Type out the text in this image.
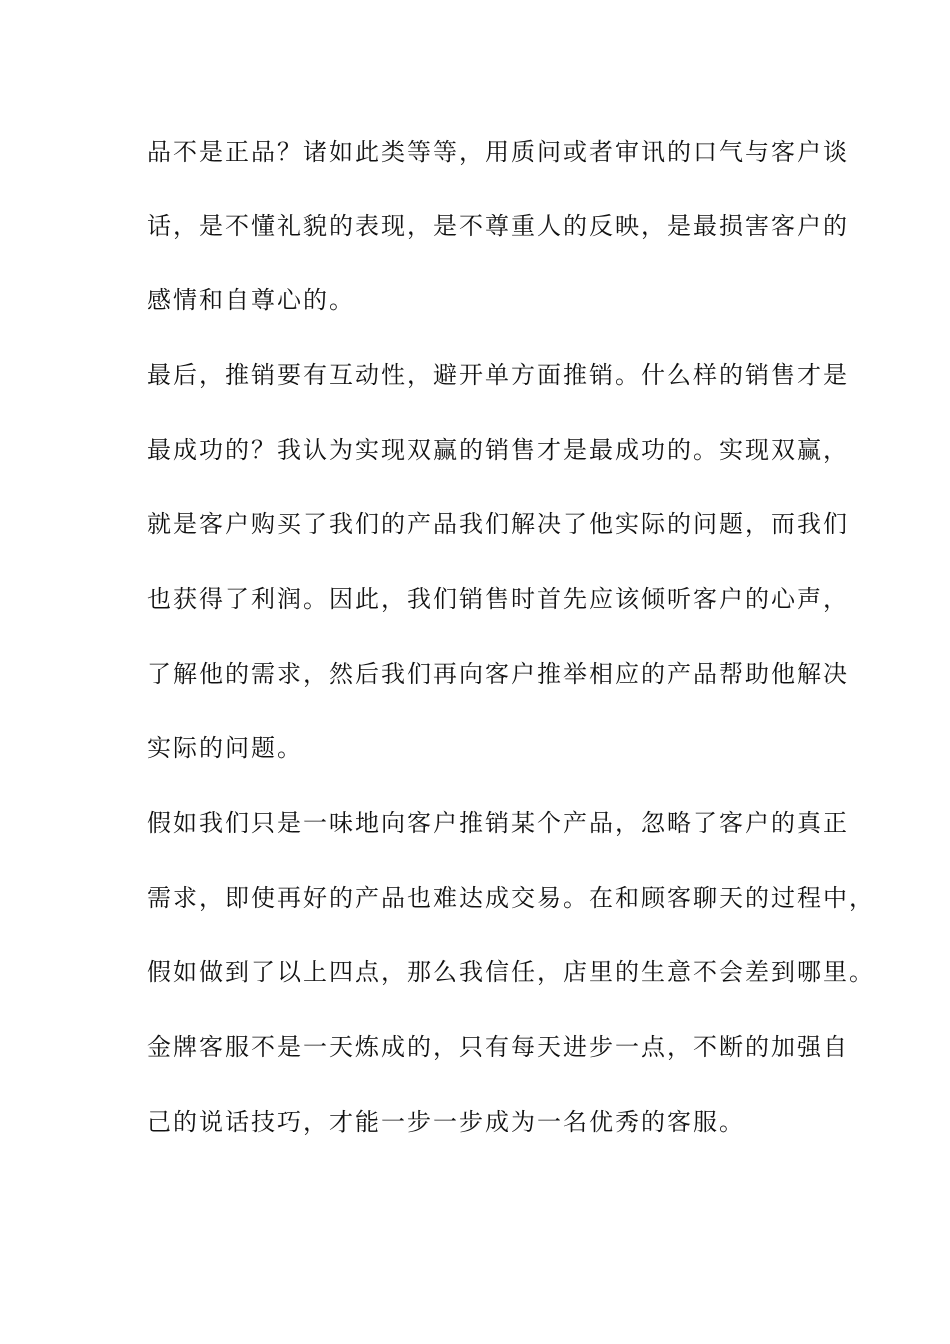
品不是正品？诸如此类等等，用质问或者审讯的口气与客户谈

话，是不懂礼貌的表现，是不尊重人的反映，是最损害客户的

感情和自尊心的。

最后，推销要有互动性，避开单方面推销。什么样的销售才是

最成功的？我认为实现双赢的销售才是最成功的。实现双赢，

就是客户购买了我们的产品我们解决了他实际的问题，而我们

也获得了利润。因此，我们销售时首先应该倾听客户的心声，

了解他的需求，然后我们再向客户推举相应的产品帮助他解决

实际的问题。

假如我们只是一味地向客户推销某个产品，忽略了客户的真正

需求，即使再好的产品也难达成交易。在和顾客聊天的过程中，

假如做到了以上四点，那么我信任，店里的生意不会差到哪里。

金牌客服不是一天炼成的，只有每天进步一点，不断的加强自

己的说话技巧，才能一步一步成为一名优秀的客服。
